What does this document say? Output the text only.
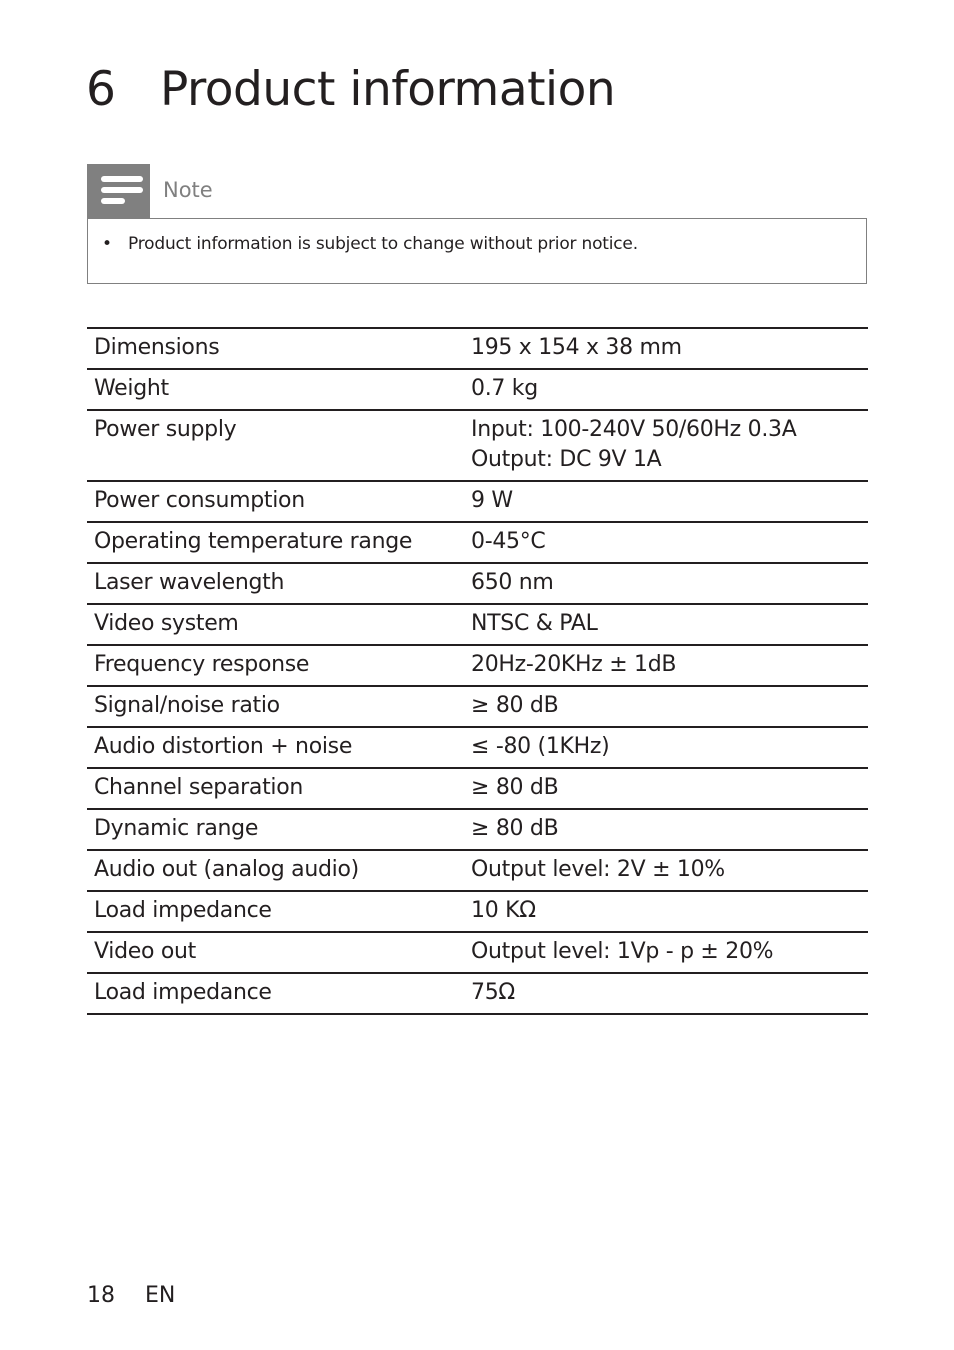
6 Product information
Note
• Product information is subject to change without prior notice.
Dimensions	195 x 154 x 38 mm
Weight	0.7 kg
Power supply	Input: 100-240V 50/60Hz 0.3A
Output: DC 9V 1A
Power consumption	9 W
Operating temperature range	0-45°C
Laser wavelength	650 nm
Video system	NTSC & PAL
Frequency response	20Hz-20KHz ± 1dB
Signal/noise ratio	≥ 80 dB
Audio distortion + noise	≤ -80 (1KHz)
Channel separation	≥ 80 dB
Dynamic range	≥ 80 dB
Audio out (analog audio)	Output level: 2V ± 10%
Load impedance	10 KΩ
Video out	Output level: 1Vp - p ± 20%
Load impedance	75Ω
18 EN
